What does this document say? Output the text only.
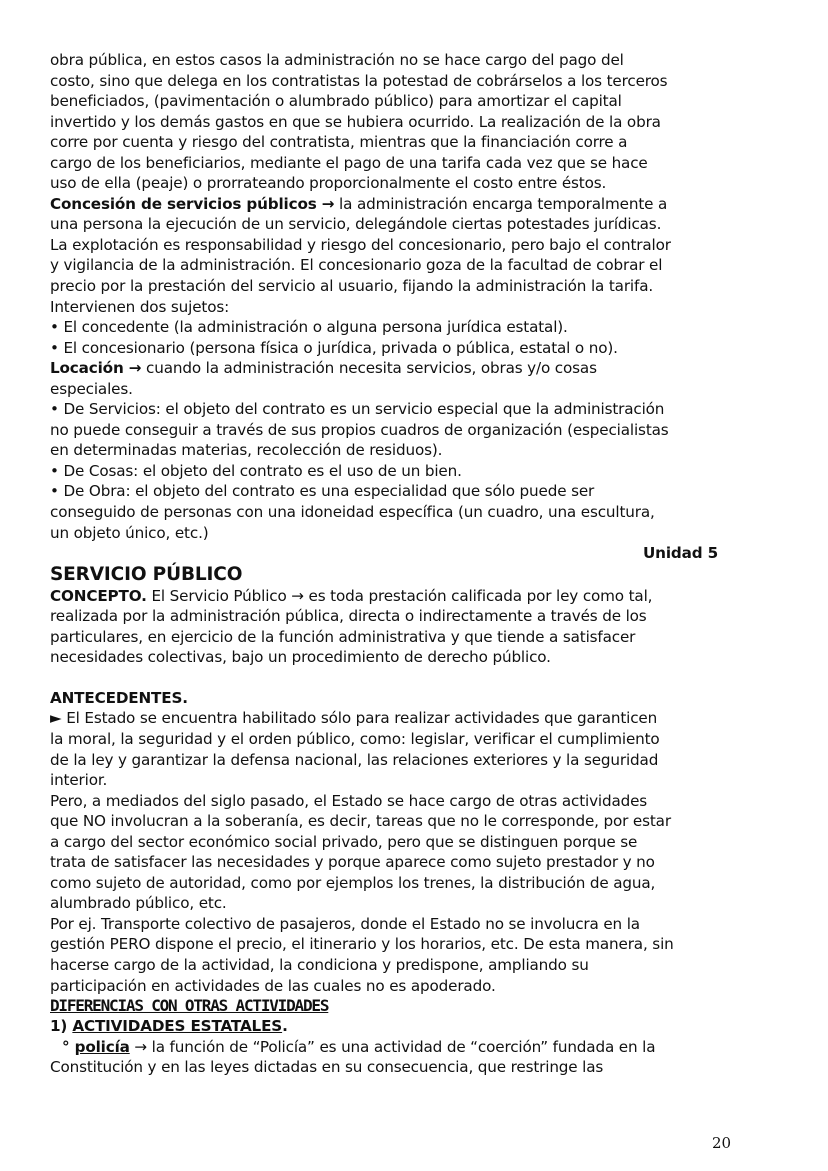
obra pública, en estos casos la administración no se hace cargo del pago del

costo, sino que delega en los contratistas la potestad de cobrárselos a los terceros

beneficiados, (pavimentación o alumbrado público) para amortizar el capital

invertido y los demás gastos en que se hubiera ocurrido. La realización de la obra

corre por cuenta y riesgo del contratista, mientras que la financiación corre a

cargo de los beneficiarios, mediante el pago de una tarifa cada vez que se hace

uso de ella (peaje) o prorrateando proporcionalmente el costo entre éstos.

Concesión de servicios públicos → la administración encarga temporalmente a

una persona la ejecución de un servicio, delegándole ciertas potestades jurídicas.

La explotación es responsabilidad y riesgo del concesionario, pero bajo el contralor

y vigilancia de la administración. El concesionario goza de la facultad de cobrar el

precio por la prestación del servicio al usuario, fijando la administración la tarifa.

Intervienen dos sujetos:

• El concedente (la administración o alguna persona jurídica estatal).

• El concesionario (persona física o jurídica, privada o pública, estatal o no).

Locación → cuando la administración necesita servicios, obras y/o cosas

especiales.

• De Servicios: el objeto del contrato es un servicio especial que la administración

no puede conseguir a través de sus propios cuadros de organización (especialistas

en determinadas materias, recolección de residuos).

• De Cosas: el objeto del contrato es el uso de un bien.

• De Obra: el objeto del contrato es una especialidad que sólo puede ser

conseguido de personas con una idoneidad específica (un cuadro, una escultura,

un objeto único, etc.)

Unidad 5

SERVICIO PÚBLICO

CONCEPTO. El Servicio Público → es toda prestación calificada por ley como tal,

realizada por la administración pública, directa o indirectamente a través de los

particulares, en ejercicio de la función administrativa y que tiende a satisfacer

necesidades colectivas, bajo un procedimiento de derecho público.

ANTECEDENTES.

► El Estado se encuentra habilitado sólo para realizar actividades que garanticen

la moral, la seguridad y el orden público, como: legislar, verificar el cumplimiento

de la ley y garantizar la defensa nacional, las relaciones exteriores y la seguridad

interior.

Pero, a mediados del siglo pasado, el Estado se hace cargo de otras actividades

que NO involucran a la soberanía, es decir, tareas que no le corresponde, por estar

a cargo del sector económico social privado, pero que se distinguen porque se

trata de satisfacer las necesidades y porque aparece como sujeto prestador y no

como sujeto de autoridad, como por ejemplos los trenes, la distribución de agua,

alumbrado público, etc.

Por ej. Transporte colectivo de pasajeros, donde el Estado no se involucra en la

gestión PERO dispone el precio, el itinerario y los horarios, etc. De esta manera, sin

hacerse cargo de la actividad, la condiciona y predispone, ampliando su

participación en actividades de las cuales no es apoderado.

DIFERENCIAS CON OTRAS ACTIVIDADES

1) ACTIVIDADES ESTATALES.

° policía → la función de “Policía” es una actividad de “coerción” fundada en la

Constitución y en las leyes dictadas en su consecuencia, que restringe las

20
